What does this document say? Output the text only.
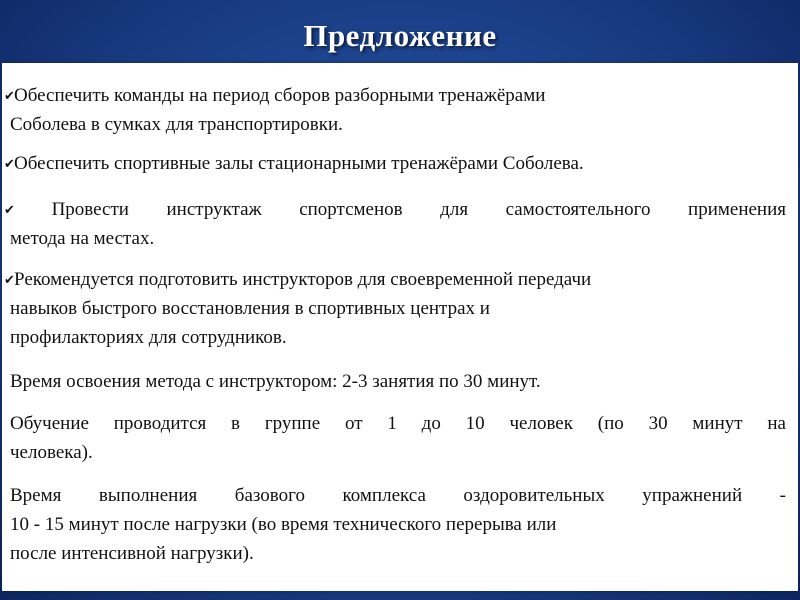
Предложение
✔Обеспечить команды на период сборов разборными тренажёрами
Соболева в сумках для транспортировки.
✔Обеспечить спортивные залы стационарными тренажёрами Соболева.
✔ Провести инструктаж спортсменов для самостоятельного применения
метода на местах.
✔Рекомендуется подготовить инструкторов для своевременной передачи
навыков быстрого восстановления в спортивных центрах и
профилакториях для сотрудников.
Время освоения метода с инструктором: 2-3 занятия по 30 минут.
Обучение проводится в группе от 1 до 10 человек (по 30 минут на
человека).
Время выполнения базового комплекса оздоровительных упражнений -
10 - 15 минут после нагрузки (во время технического перерыва или
после интенсивной нагрузки).
